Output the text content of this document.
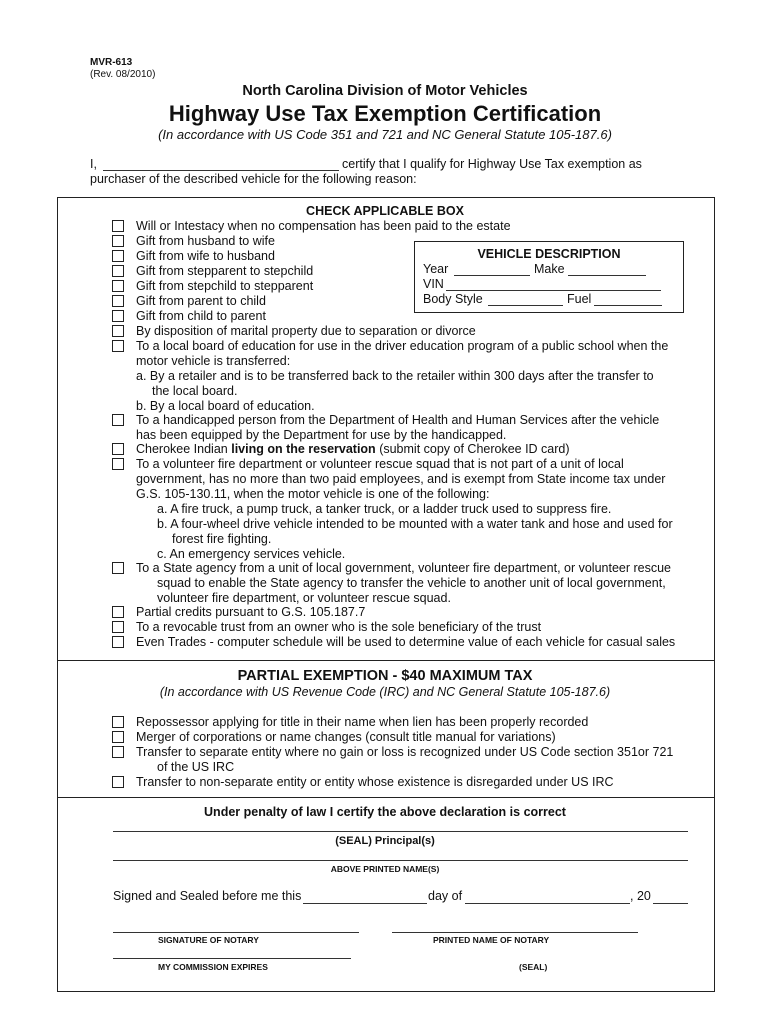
MVR-613
(Rev. 08/2010)
North Carolina Division of Motor Vehicles
Highway Use Tax Exemption Certification
(In accordance with US Code 351 and 721 and NC General Statute 105-187.6)
I,	certify that I qualify for Highway Use Tax exemption as
purchaser of the described vehicle for the following reason:
CHECK APPLICABLE BOX
Will or Intestacy when no compensation has been paid to the estate
Gift from husband to wife
Gift from wife to husband
Gift from stepparent to stepchild
Gift from stepchild to stepparent
Gift from parent to child
Gift from child to parent
By disposition of marital property due to separation or divorce
To a local board of education for use in the driver education program of a public school when the
motor vehicle is transferred:
a. By a retailer and is to be transferred back to the retailer within 300 days after the transfer to
the local board.
b. By a local board of education.
To a handicapped person from the Department of Health and Human Services after the vehicle
has been equipped by the Department for use by the handicapped.
Cherokee Indian living on the reservation (submit copy of Cherokee ID card)
To a volunteer fire department or volunteer rescue squad that is not part of a unit of local
government, has no more than two paid employees, and is exempt from State income tax under
G.S. 105-130.11, when the motor vehicle is one of the following:
a. A fire truck, a pump truck, a tanker truck, or a ladder truck used to suppress fire.
b. A four-wheel drive vehicle intended to be mounted with a water tank and hose and used for
forest fire fighting.
c. An emergency services vehicle.
To a State agency from a unit of local government, volunteer fire department, or volunteer rescue
squad to enable the State agency to transfer the vehicle to another unit of local government,
volunteer fire department, or volunteer rescue squad.
Partial credits pursuant to G.S. 105.187.7
To a revocable trust from an owner who is the sole beneficiary of the trust
Even Trades - computer schedule will be used to determine value of each vehicle for casual sales
VEHICLE DESCRIPTION
Year	Make
VIN
Body Style	Fuel
PARTIAL EXEMPTION - $40 MAXIMUM TAX
(In accordance with US Revenue Code (IRC) and NC General Statute 105-187.6)
Repossessor applying for title in their name when lien has been properly recorded
Merger of corporations or name changes (consult title manual for variations)
Transfer to separate entity where no gain or loss is recognized under US Code section 351or 721
of the US IRC
Transfer to non-separate entity or entity whose existence is disregarded under US IRC
Under penalty of law I certify the above declaration is correct
(SEAL) Principal(s)
ABOVE PRINTED NAME(S)
Signed and Sealed before me this	day of	, 20
SIGNATURE OF NOTARY	PRINTED NAME OF NOTARY
MY COMMISSION EXPIRES	(SEAL)
